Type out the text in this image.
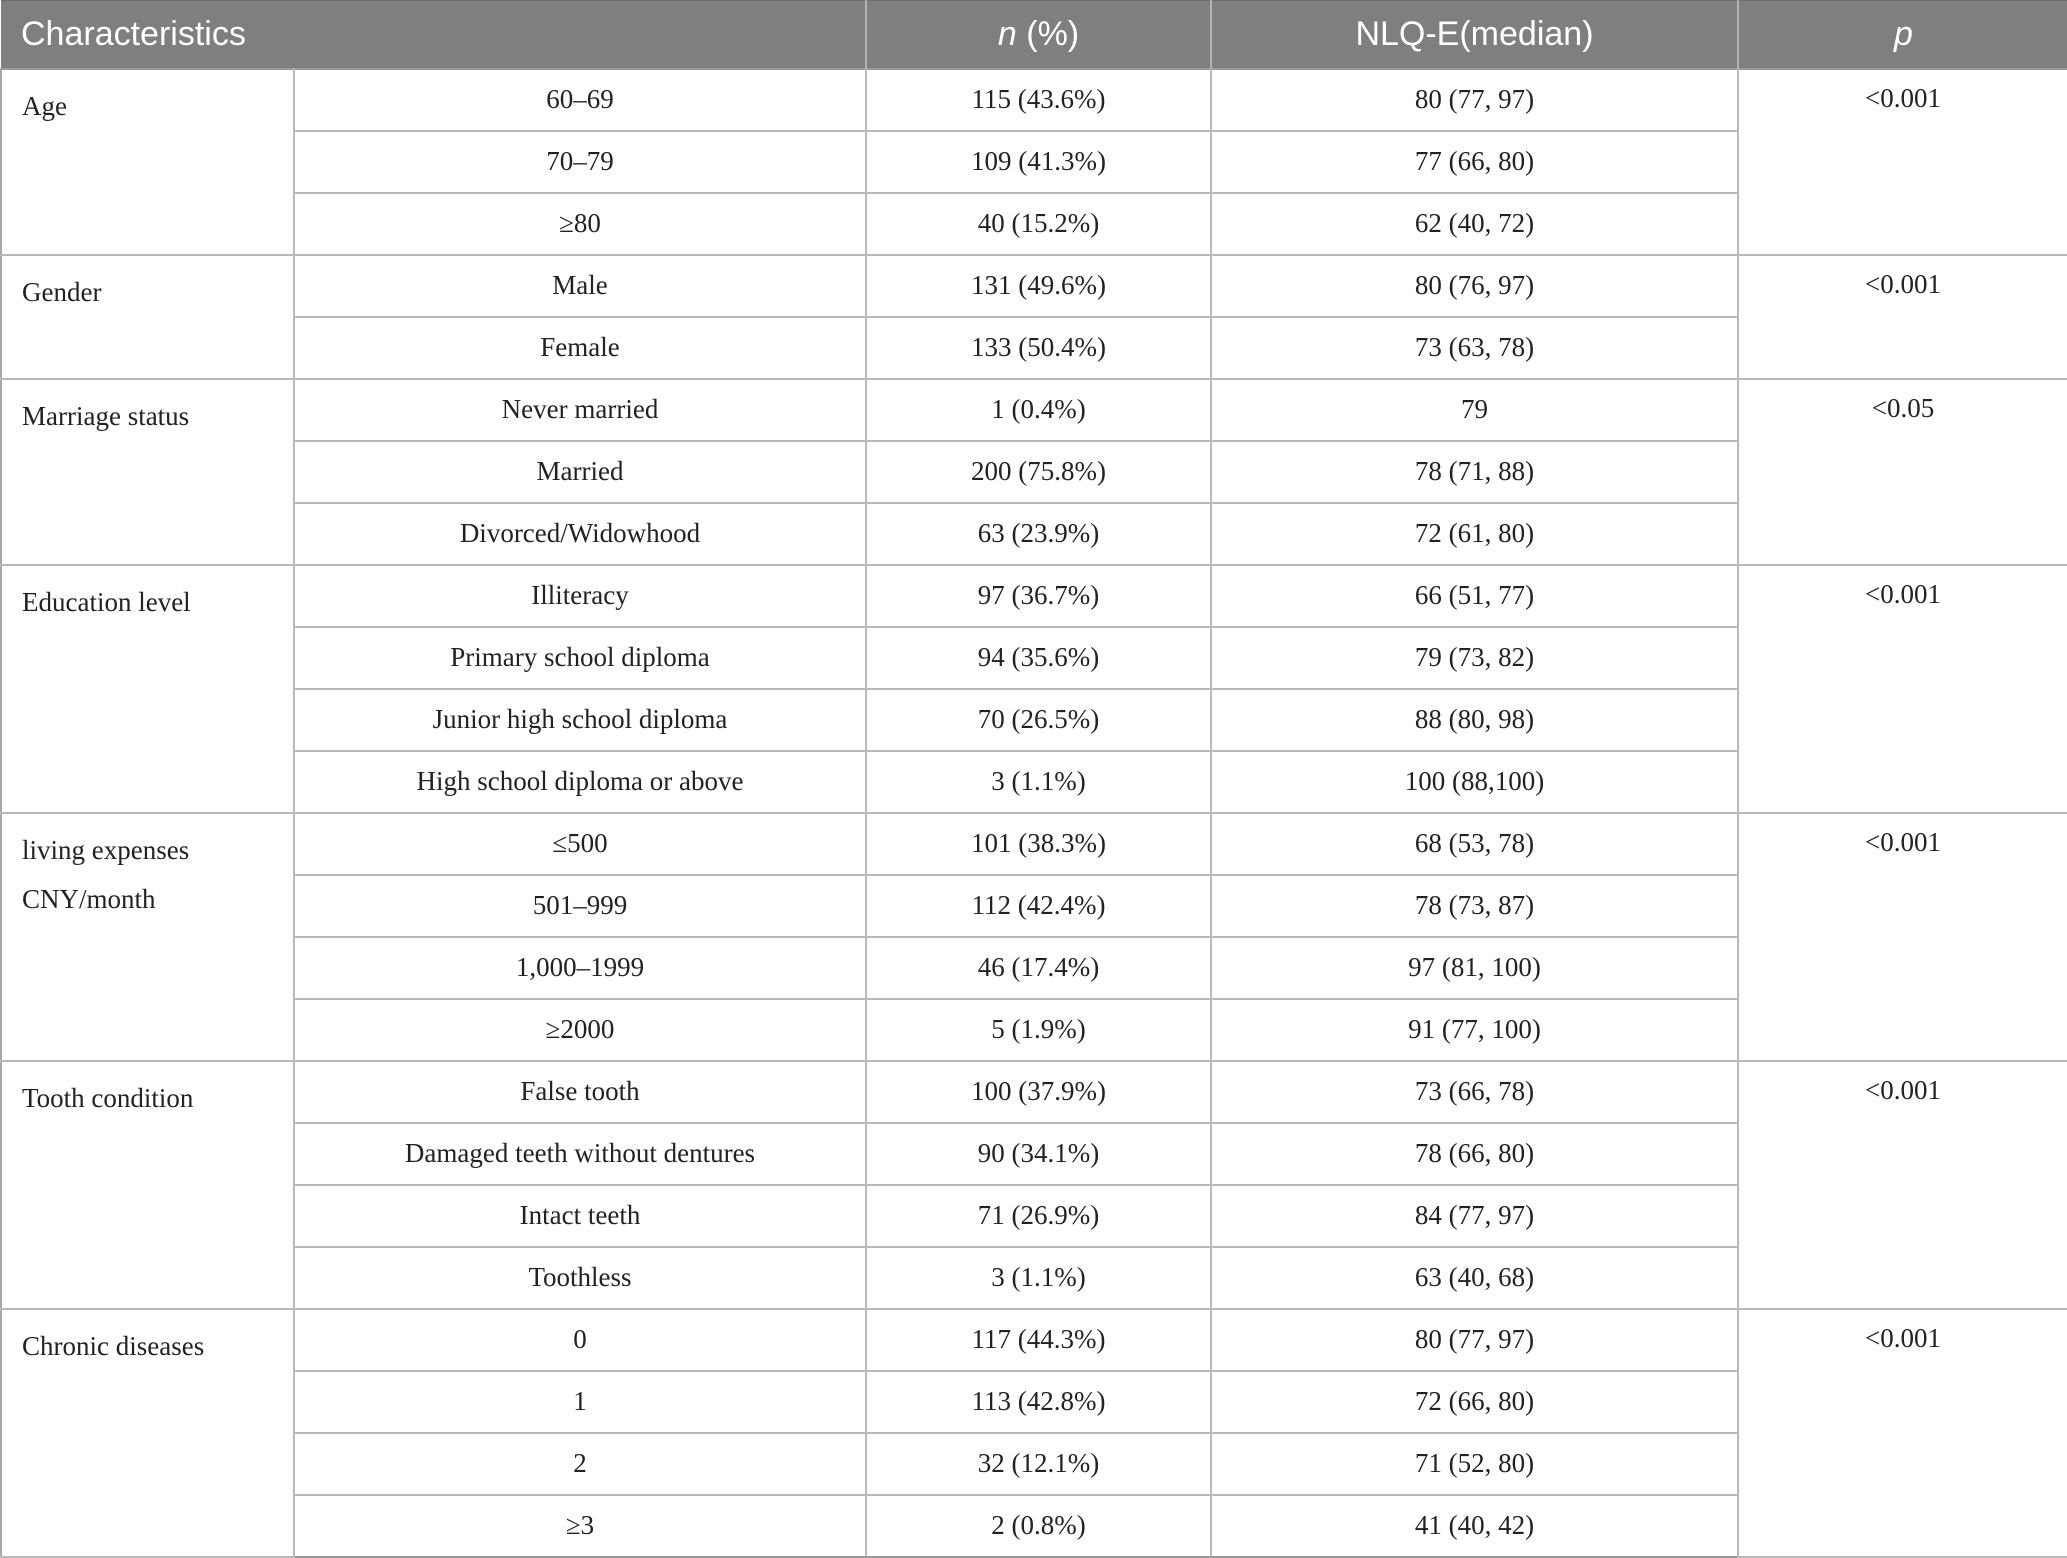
Characteristics		n (%)	NLQ-E(median)	p
Age	60–69	115 (43.6%)	80 (77, 97)	<0.001
	70–79	109 (41.3%)	77 (66, 80)	
	≥80	40 (15.2%)	62 (40, 72)	
Gender	Male	131 (49.6%)	80 (76, 97)	<0.001
	Female	133 (50.4%)	73 (63, 78)	
Marriage status	Never married	1 (0.4%)	79	<0.05
	Married	200 (75.8%)	78 (71, 88)	
	Divorced/Widowhood	63 (23.9%)	72 (61, 80)	
Education level	Illiteracy	97 (36.7%)	66 (51, 77)	<0.001
	Primary school diploma	94 (35.6%)	79 (73, 82)	
	Junior high school diploma	70 (26.5%)	88 (80, 98)	
	High school diploma or above	3 (1.1%)	100 (88,100)	
living expenses
CNY/month	≤500	101 (38.3%)	68 (53, 78)	<0.001
	501–999	112 (42.4%)	78 (73, 87)	
	1,000–1999	46 (17.4%)	97 (81, 100)	
	≥2000	5 (1.9%)	91 (77, 100)	
Tooth condition	False tooth	100 (37.9%)	73 (66, 78)	<0.001
	Damaged teeth without dentures	90 (34.1%)	78 (66, 80)	
	Intact teeth	71 (26.9%)	84 (77, 97)	
	Toothless	3 (1.1%)	63 (40, 68)	
Chronic diseases	0	117 (44.3%)	80 (77, 97)	<0.001
	1	113 (42.8%)	72 (66, 80)	
	2	32 (12.1%)	71 (52, 80)	
	≥3	2 (0.8%)	41 (40, 42)	
